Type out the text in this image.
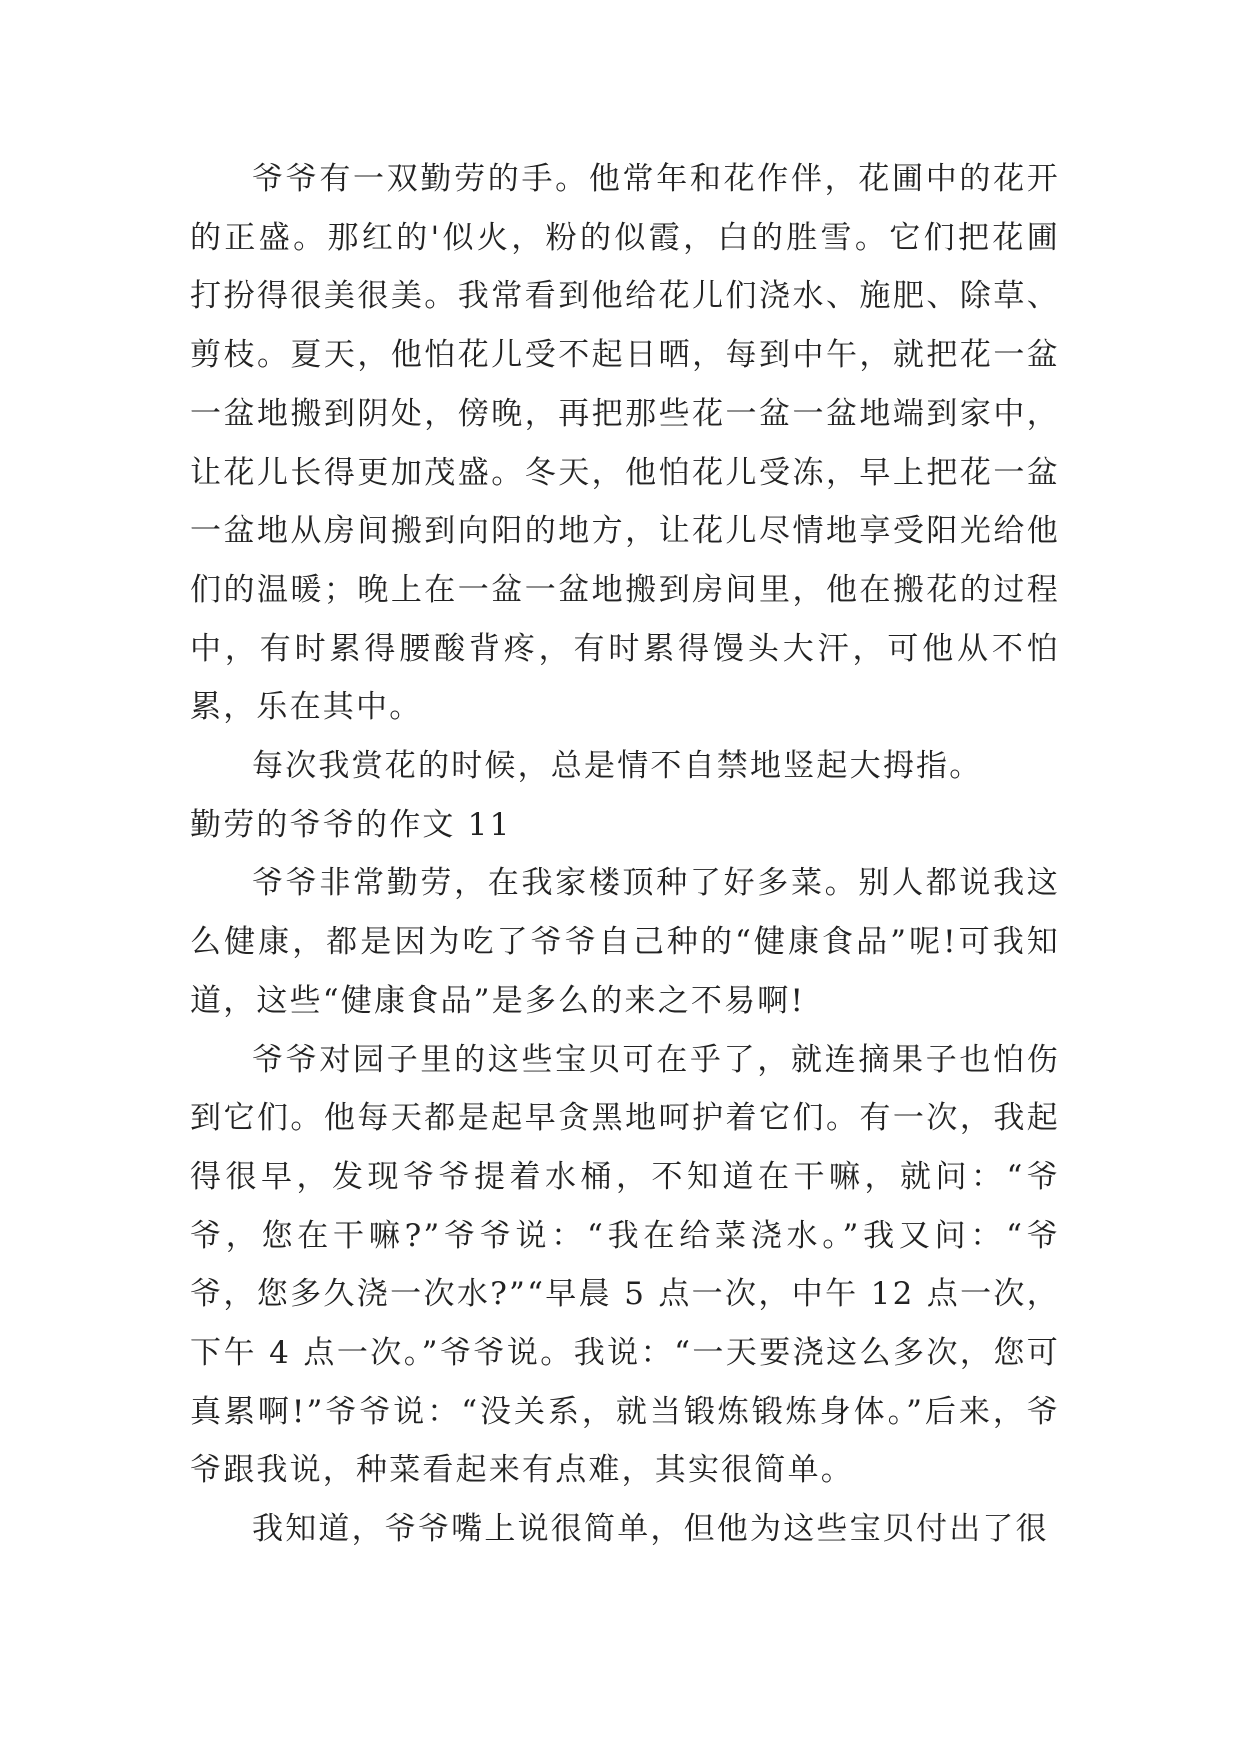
爷爷有一双勤劳的手。他常年和花作伴，花圃中的花开的正盛。那红的'似火，粉的似霞，白的胜雪。它们把花圃打扮得很美很美。我常看到他给花儿们浇水、施肥、除草、剪枝。夏天，他怕花儿受不起日晒，每到中午，就把花一盆一盆地搬到阴处，傍晚，再把那些花一盆一盆地端到家中，让花儿长得更加茂盛。冬天，他怕花儿受冻，早上把花一盆一盆地从房间搬到向阳的地方，让花儿尽情地享受阳光给他们的温暖；晚上在一盆一盆地搬到房间里，他在搬花的过程中，有时累得腰酸背疼，有时累得馒头大汗，可他从不怕累，乐在其中。

每次我赏花的时候，总是情不自禁地竖起大拇指。

勤劳的爷爷的作文 11

爷爷非常勤劳，在我家楼顶种了好多菜。别人都说我这么健康，都是因为吃了爷爷自己种的“健康食品”呢!可我知道，这些“健康食品”是多么的来之不易啊!

爷爷对园子里的这些宝贝可在乎了，就连摘果子也怕伤到它们。他每天都是起早贪黑地呵护着它们。有一次，我起得很早，发现爷爷提着水桶，不知道在干嘛，就问：“爷爷，您在干嘛?”爷爷说：“我在给菜浇水。”我又问：“爷爷，您多久浇一次水?”“早晨 5 点一次，中午 12 点一次，下午 4 点一次。”爷爷说。我说：“一天要浇这么多次，您可真累啊!”爷爷说：“没关系，就当锻炼锻炼身体。”后来，爷爷跟我说，种菜看起来有点难，其实很简单。

我知道，爷爷嘴上说很简单，但他为这些宝贝付出了很
